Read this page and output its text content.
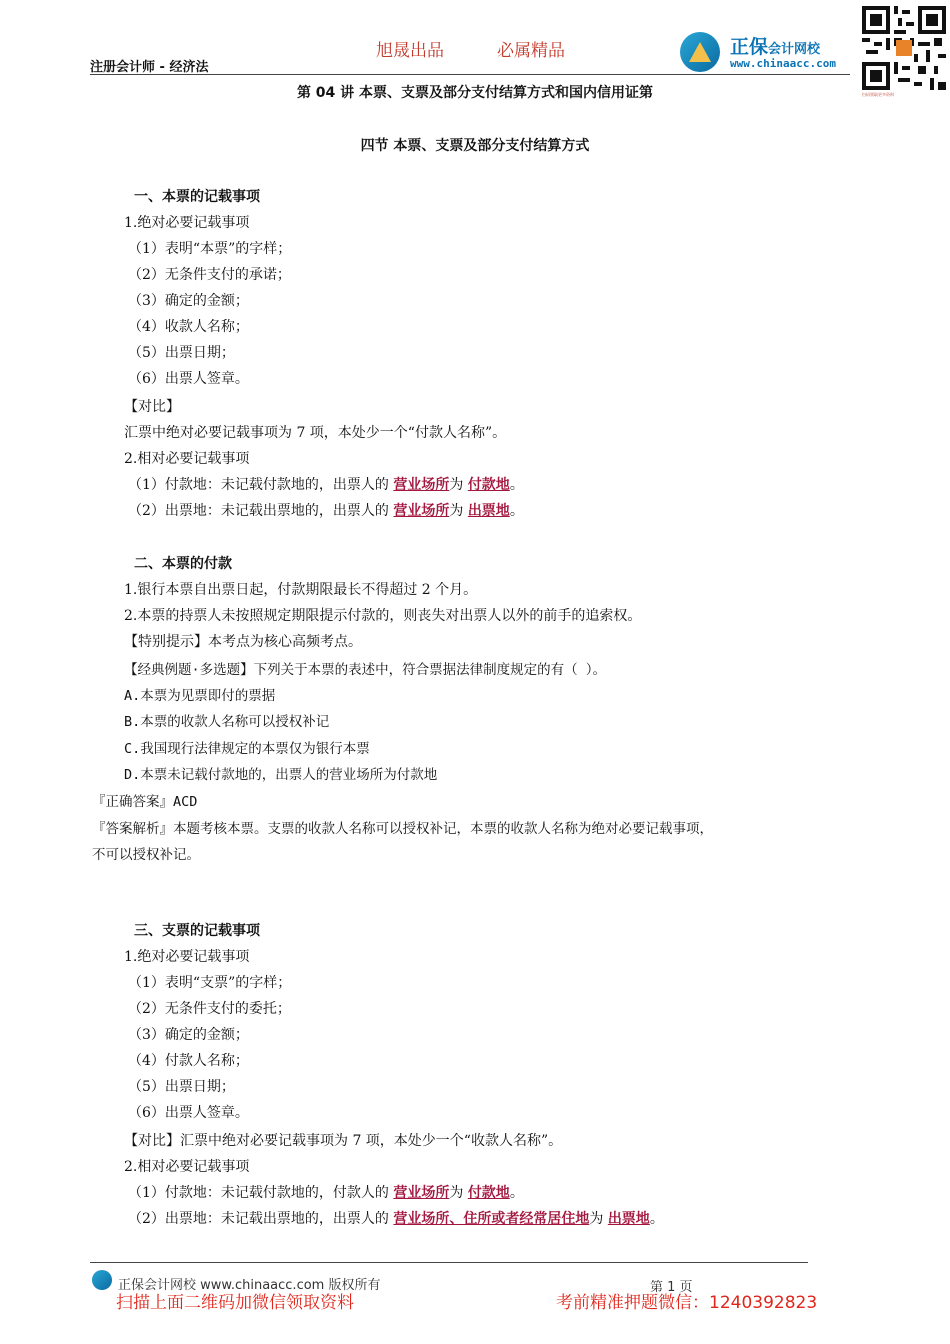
注册会计师 - 经济法
旭晟出品	必属精品	正保会计网校
www.chinaacc.com
扫码领取更多资料
第 04 讲 本票、支票及部分支付结算方式和国内信用证第
四节 本票、支票及部分支付结算方式
一、本票的记载事项
1.绝对必要记载事项
（1）表明“本票”的字样；
（2）无条件支付的承诺；
（3）确定的金额；
（4）收款人名称；
（5）出票日期；
（6）出票人签章。
【对比】
汇票中绝对必要记载事项为 7 项，本处少一个“付款人名称”。
2.相对必要记载事项
（1）付款地：未记载付款地的，出票人的 营业场所为 付款地。
（2）出票地：未记载出票地的，出票人的 营业场所为 出票地。
二、本票的付款
1.银行本票自出票日起，付款期限最长不得超过 2 个月。
2.本票的持票人未按照规定期限提示付款的，则丧失对出票人以外的前手的追索权。
【特别提示】本考点为核心高频考点。
【经典例题·多选题】下列关于本票的表述中，符合票据法律制度规定的有（ ）。
A.本票为见票即付的票据
B.本票的收款人名称可以授权补记
C.我国现行法律规定的本票仅为银行本票
D.本票未记载付款地的，出票人的营业场所为付款地
『正确答案』ACD
『答案解析』本题考核本票。支票的收款人名称可以授权补记，本票的收款人名称为绝对必要记载事项，
不可以授权补记。
三、支票的记载事项
1.绝对必要记载事项
（1）表明“支票”的字样；
（2）无条件支付的委托；
（3）确定的金额；
（4）付款人名称；
（5）出票日期；
（6）出票人签章。
【对比】汇票中绝对必要记载事项为 7 项，本处少一个“收款人名称”。
2.相对必要记载事项
（1）付款地：未记载付款地的，付款人的 营业场所为 付款地。
（2）出票地：未记载出票地的，出票人的 营业场所、住所或者经常居住地为 出票地。
正保会计网校 www.chinaacc.com 版权所有	第 1 页
扫描上面二维码加微信领取资料	考前精准押题微信：1240392823
